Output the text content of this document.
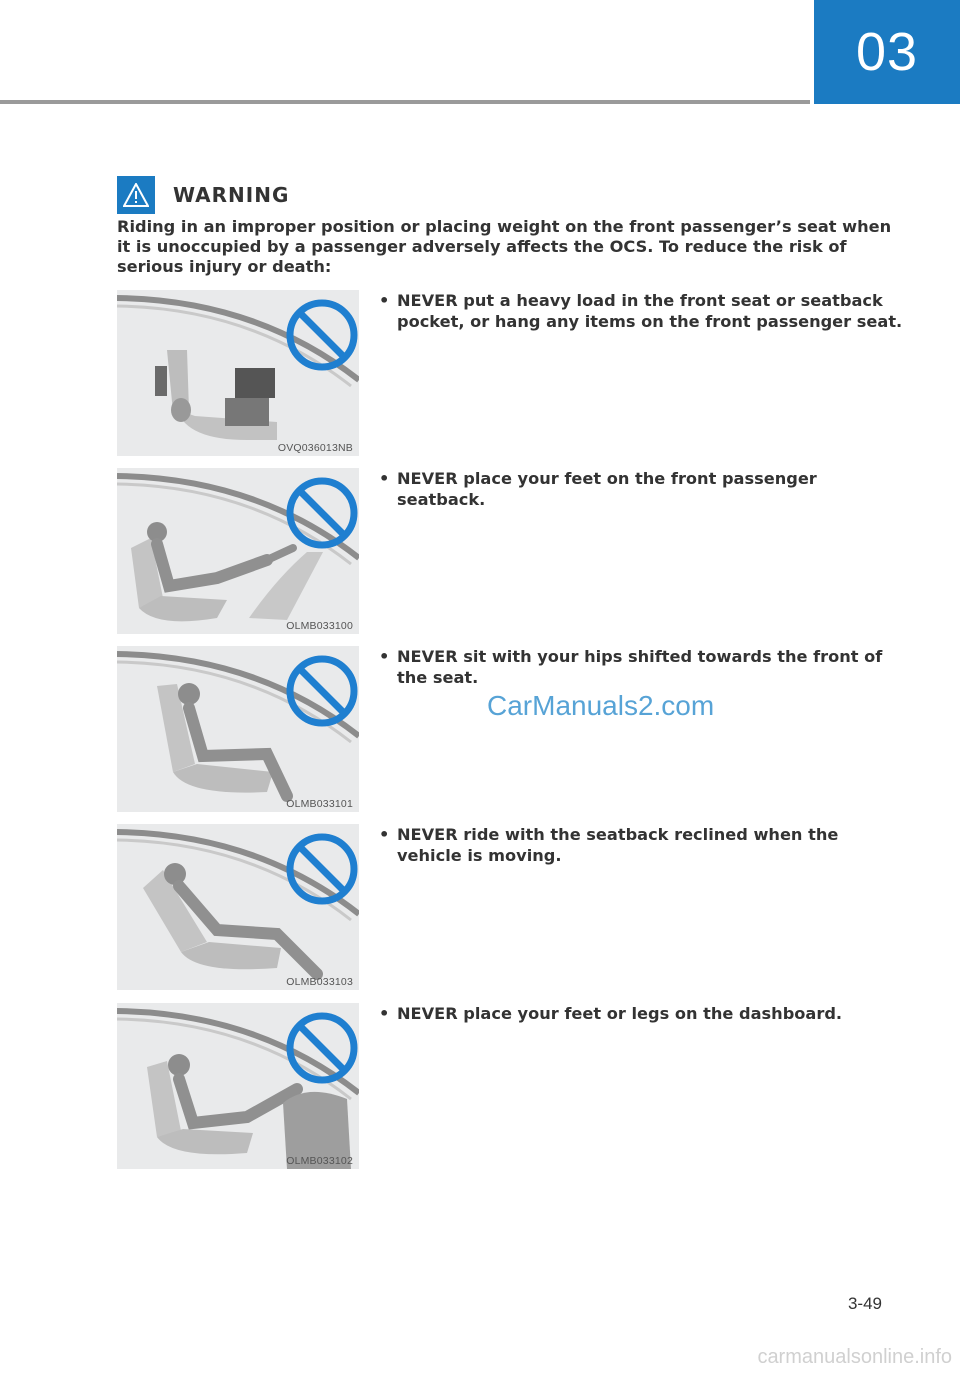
03
WARNING
Riding in an improper position or placing weight on the front passenger’s seat when it is unoccupied by a passenger adversely affects the OCS. To reduce the risk of serious injury or death:
OVQ036013NB
• NEVER put a heavy load in the front seat or seatback pocket, or hang any items on the front passenger seat.
OLMB033100
• NEVER place your feet on the front passenger seatback.
OLMB033101
• NEVER sit with your hips shifted towards the front of the seat.
OLMB033103
• NEVER ride with the seatback reclined when the vehicle is moving.
OLMB033102
• NEVER place your feet or legs on the dashboard.
CarManuals2.com
3-49
carmanualsonline.info
